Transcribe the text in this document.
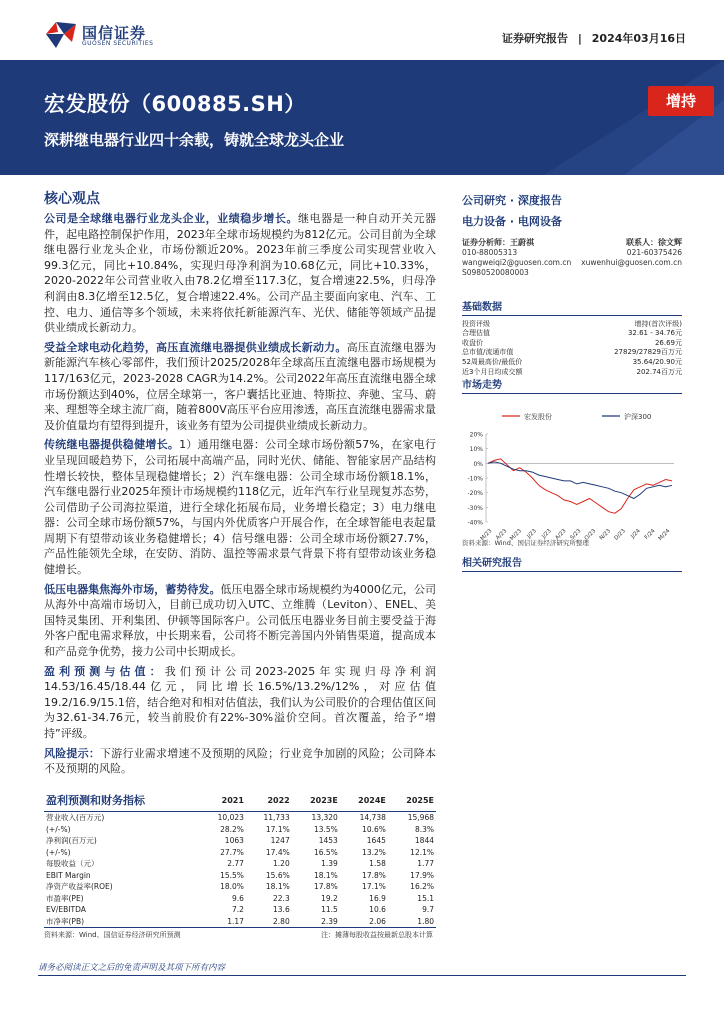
国信证券
GUOSEN SECURITIES	证券研究报告 | 2024年03月16日
宏发股份（600885.SH）
深耕继电器行业四十余载，铸就全球龙头企业
增持
核心观点

公司是全球继电器行业龙头企业，业绩稳步增长。继电器是一种自动开关元器件，起电路控制保护作用，2023年全球市场规模约为812亿元。公司目前为全球继电器行业龙头企业，市场份额近20%。2023年前三季度公司实现营业收入99.3亿元，同比+10.84%，实现归母净利润为10.68亿元，同比+10.33%，2020-2022年公司营业收入由78.2亿增至117.3亿，复合增速22.5%，归母净利润由8.3亿增至12.5亿，复合增速22.4%。公司产品主要面向家电、汽车、工控、电力、通信等多个领域，未来将依托新能源汽车、光伏、储能等领域产品提供业绩成长新动力。

受益全球电动化趋势，高压直流继电器提供业绩成长新动力。高压直流继电器为新能源汽车核心零部件，我们预计2025/2028年全球高压直流继电器市场规模为117/163亿元，2023-2028 CAGR为14.2%。公司2022年高压直流继电器全球市场份额达到40%，位居全球第一，客户囊括比亚迪、特斯拉、奔驰、宝马、蔚来、理想等全球主流厂商，随着800V高压平台应用渗透，高压直流继电器需求量及价值量均有望得到提升，该业务有望为公司提供业绩成长新动力。

传统继电器提供稳健增长。1）通用继电器：公司全球市场份额57%，在家电行业呈现回暖趋势下，公司拓展中高端产品，同时光伏、储能、智能家居产品结构性增长较快，整体呈现稳健增长；2）汽车继电器：公司全球市场份额18.1%，汽车继电器行业2025年预计市场规模约118亿元，近年汽车行业呈现复苏态势，公司借助子公司海拉渠道，进行全球化拓展布局，业务增长稳定；3）电力继电器：公司全球市场份额57%，与国内外优质客户开展合作，在全球智能电表起量周期下有望带动该业务稳健增长；4）信号继电器：公司全球市场份额27.7%，产品性能领先全球，在安防、消防、温控等需求景气背景下将有望带动该业务稳健增长。

低压电器集焦海外市场，蓄势待发。低压电器全球市场规模约为4000亿元，公司从海外中高端市场切入，目前已成功切入UTC、立维腾（Leviton）、ENEL、美国特灵集团、开利集团、伊顿等国际客户。公司低压电器业务目前主要受益于海外客户配电需求释放，中长期来看，公司将不断完善国内外销售渠道，提高成本和产品竞争优势，接力公司中长期成长。

盈利预测与估值：我们预计公司2023-2025年实现归母净利润14.53/16.45/18.44亿元，同比增长16.5%/13.2%/12%，对应估值19.2/16.9/15.1倍，结合绝对和相对估值法，我们认为公司股价的合理估值区间为32.61-34.76元，较当前股价有22%-30%溢价空间。首次覆盖，给予“增持”评级。

风险提示：下游行业需求增速不及预期的风险；行业竞争加剧的风险；公司降本不及预期的风险。

公司研究 · 深度报告
电力设备 · 电网设备
证券分析师：王蔚祺	联系人：徐文辉
010-88005313	021-60375426
wangweiqi2@guosen.com.cn xuwenhui@guosen.com.cn
S0980520080003
基础数据
投资评级	增持(首次评级)
合理估值	32.61 - 34.76元
收盘价	26.69元
总市值/流通市值	27829/27829百万元
52周最高价/最低价	35.64/20.90元
近3个月日均成交额	202.74百万元
市场走势
宏发股份	沪深300
20%
10%
0%
-10%
-20%
-30%
-40%
M/23 A/23 M/23 J/23 J/23 A/23 S/23 O/23 N/23 D/23 J/24 F/24 M/24
资料来源：Wind、国信证券经济研究所整理
相关研究报告
盈利预测和财务指标	2021	2022	2023E	2024E	2025E
营业收入(百万元)	10,023	11,733	13,320	14,738	15,968
(+/-%)	28.2%	17.1%	13.5%	10.6%	8.3%
净利润(百万元)	1063	1247	1453	1645	1844
(+/-%)	27.7%	17.4%	16.5%	13.2%	12.1%
每股收益（元）	2.77	1.20	1.39	1.58	1.77
EBIT Margin	15.5%	15.6%	18.1%	17.8%	17.9%
净资产收益率(ROE)	18.0%	18.1%	17.8%	17.1%	16.2%
市盈率(PE)	9.6	22.3	19.2	16.9	15.1
EV/EBITDA	7.2	13.6	11.5	10.6	9.7
市净率(PB)	1.17	2.80	2.39	2.06	1.80
资料来源：Wind、国信证券经济研究所预测	注：摊薄每股收益按最新总股本计算
请务必阅读正文之后的免责声明及其项下所有内容
